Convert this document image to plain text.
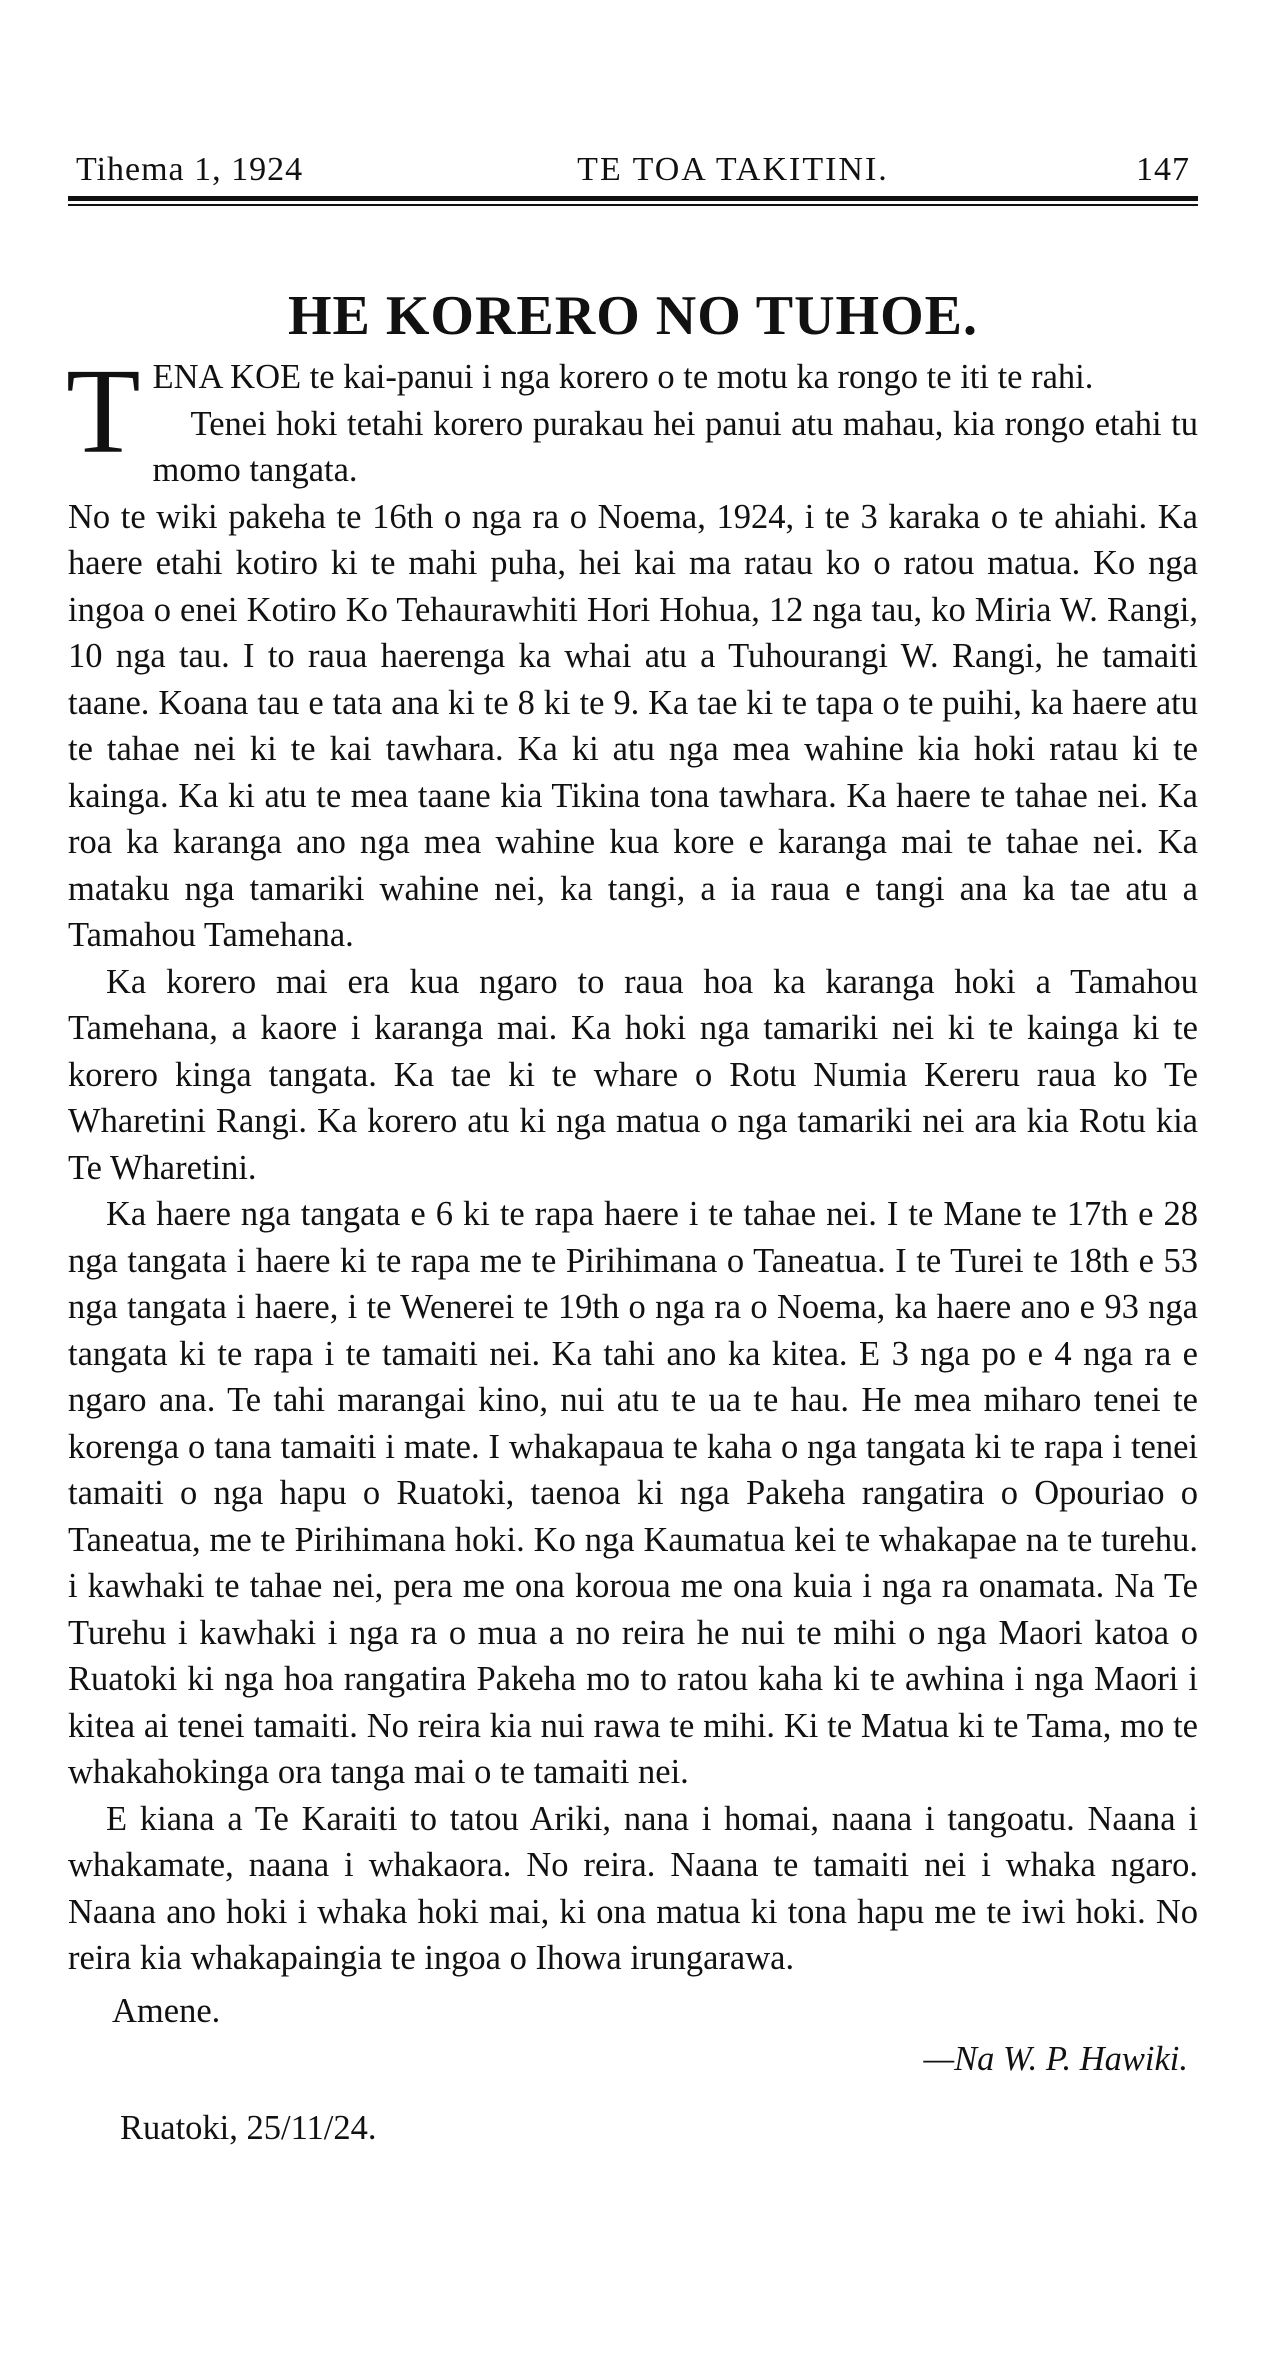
Tihema 1, 1924	TE TOA TAKITINI.	147
HE KORERO NO TUHOE.

TENA KOE te kai-panui i nga korero o te motu ka rongo te iti te rahi.

Tenei hoki tetahi korero purakau hei panui atu mahau, kia rongo etahi tu momo tangata.

No te wiki pakeha te 16th o nga ra o Noema, 1924, i te 3 karaka o te ahiahi. Ka haere etahi kotiro ki te mahi puha, hei kai ma ratau ko o ratou matua. Ko nga ingoa o enei Kotiro Ko Tehaurawhiti Hori Hohua, 12 nga tau, ko Miria W. Rangi, 10 nga tau. I to raua haerenga ka whai atu a Tuhourangi W. Rangi, he tamaiti taane. Koana tau e tata ana ki te 8 ki te 9. Ka tae ki te tapa o te puihi, ka haere atu te tahae nei ki te kai tawhara. Ka ki atu nga mea wahine kia hoki ratau ki te kainga. Ka ki atu te mea taane kia Tikina tona tawhara. Ka haere te tahae nei. Ka roa ka karanga ano nga mea wahine kua kore e karanga mai te tahae nei. Ka mataku nga tamariki wahine nei, ka tangi, a ia raua e tangi ana ka tae atu a Tamahou Tamehana.

Ka korero mai era kua ngaro to raua hoa ka karanga hoki a Tamahou Tamehana, a kaore i karanga mai. Ka hoki nga tamariki nei ki te kainga ki te korero kinga tangata. Ka tae ki te whare o Rotu Numia Kereru raua ko Te Wharetini Rangi. Ka korero atu ki nga matua o nga tamariki nei ara kia Rotu kia Te Wharetini.

Ka haere nga tangata e 6 ki te rapa haere i te tahae nei. I te Mane te 17th e 28 nga tangata i haere ki te rapa me te Pirihimana o Taneatua. I te Turei te 18th e 53 nga tangata i haere, i te Wenerei te 19th o nga ra o Noema, ka haere ano e 93 nga tangata ki te rapa i te tamaiti nei. Ka tahi ano ka kitea. E 3 nga po e 4 nga ra e ngaro ana. Te tahi marangai kino, nui atu te ua te hau. He mea miharo tenei te korenga o tana tamaiti i mate. I whakapaua te kaha o nga tangata ki te rapa i tenei tamaiti o nga hapu o Ruatoki, taenoa ki nga Pakeha rangatira o Opouriao o Taneatua, me te Pirihimana hoki. Ko nga Kaumatua kei te whakapae na te turehu. i kawhaki te tahae nei, pera me ona koroua me ona kuia i nga ra onamata. Na Te Turehu i kawhaki i nga ra o mua a no reira he nui te mihi o nga Maori katoa o Ruatoki ki nga hoa rangatira Pakeha mo to ratou kaha ki te awhina i nga Maori i kitea ai tenei tamaiti. No reira kia nui rawa te mihi. Ki te Matua ki te Tama, mo te whakahokinga ora tanga mai o te tamaiti nei.

E kiana a Te Karaiti to tatou Ariki, nana i homai, naana i tangoatu. Naana i whakamate, naana i whakaora. No reira. Naana te tamaiti nei i whaka ngaro. Naana ano hoki i whaka hoki mai, ki ona matua ki tona hapu me te iwi hoki. No reira kia whakapaingia te ingoa o Ihowa irungarawa.

Amene.
—Na W. P. Hawiki.
Ruatoki, 25/11/24.
